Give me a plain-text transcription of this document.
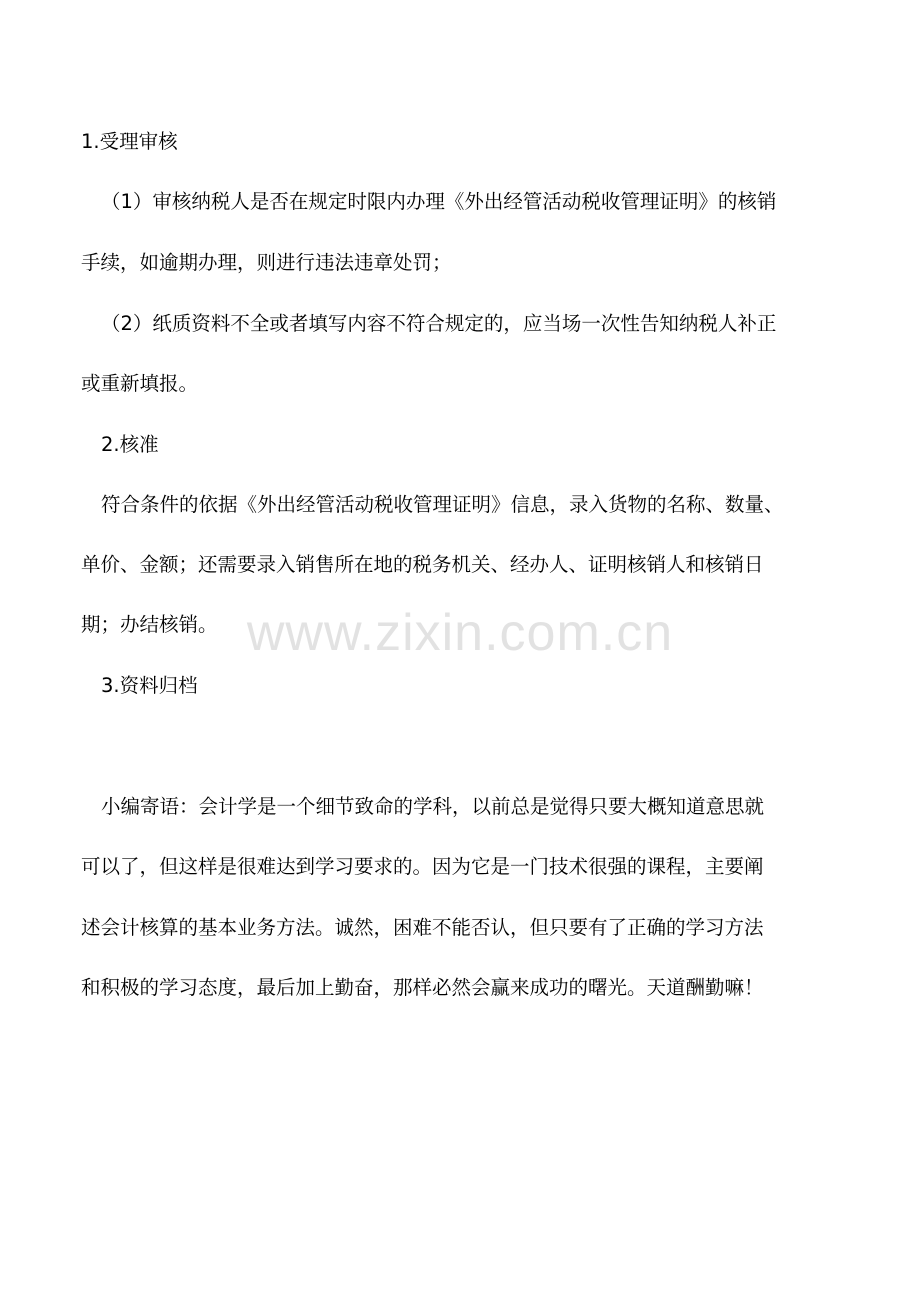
1.受理审核
（1）审核纳税人是否在规定时限内办理《外出经管活动税收管理证明》的核销
手续，如逾期办理，则进行违法违章处罚；
（2）纸质资料不全或者填写内容不符合规定的，应当场一次性告知纳税人补正
或重新填报。
2.核准
符合条件的依据《外出经管活动税收管理证明》信息，录入货物的名称、数量、
单价、金额；还需要录入销售所在地的税务机关、经办人、证明核销人和核销日
期；办结核销。
3.资料归档
小编寄语：会计学是一个细节致命的学科，以前总是觉得只要大概知道意思就
可以了，但这样是很难达到学习要求的。因为它是一门技术很强的课程，主要阐
述会计核算的基本业务方法。诚然，困难不能否认，但只要有了正确的学习方法
和积极的学习态度，最后加上勤奋，那样必然会赢来成功的曙光。天道酬勤嘛！
www.zixin.com.cn
